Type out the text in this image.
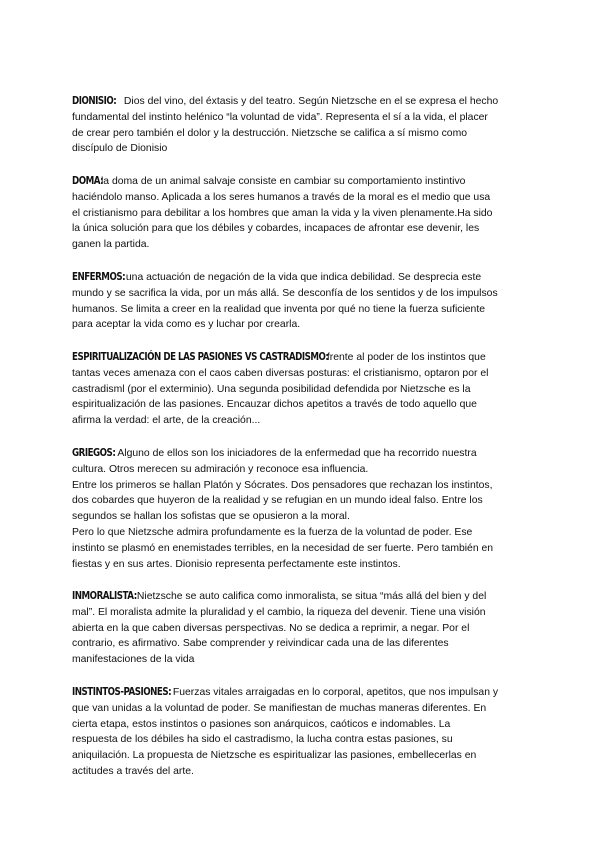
DIONISIO: Dios del vino, del éxtasis y del teatro. Según Nietzsche en el se expresa el hecho
fundamental del instinto helénico “la voluntad de vida”. Representa el sí a la vida, el placer
de crear pero también el dolor y la destrucción. Nietzsche se califica a sí mismo como
discípulo de Dionisio
DOMA:la doma de un animal salvaje consiste en cambiar su comportamiento instintivo
haciéndolo manso. Aplicada a los seres humanos a través de la moral es el medio que usa
el cristianismo para debilitar a los hombres que aman la vida y la viven plenamente.Ha sido
la única solución para que los débiles y cobardes, incapaces de afrontar ese devenir, les
ganen la partida.
ENFERMOS: una actuación de negación de la vida que indica debilidad. Se desprecia este
mundo y se sacrifica la vida, por un más allá. Se desconfía de los sentidos y de los impulsos
humanos. Se limita a creer en la realidad que inventa por qué no tiene la fuerza suficiente
para aceptar la vida como es y luchar por crearla.
ESPIRITUALIZACIÓN DE LAS PASIONES VS CASTRADISMO: frente al poder de los instintos que
tantas veces amenaza con el caos caben diversas posturas: el cristianismo, optaron por el
castradisml (por el exterminio). Una segunda posibilidad defendida por Nietzsche es la
espiritualización de las pasiones. Encauzar dichos apetitos a través de todo aquello que
afirma la verdad: el arte, de la creación...
GRIEGOS: Alguno de ellos son los iniciadores de la enfermedad que ha recorrido nuestra
cultura. Otros merecen su admiración y reconoce esa influencia.
Entre los primeros se hallan Platón y Sócrates. Dos pensadores que rechazan los instintos,
dos cobardes que huyeron de la realidad y se refugian en un mundo ideal falso. Entre los
segundos se hallan los sofistas que se opusieron a la moral.
Pero lo que Nietzsche admira profundamente es la fuerza de la voluntad de poder. Ese
instinto se plasmó en enemistades terribles, en la necesidad de ser fuerte. Pero también en
fiestas y en sus artes. Dionisio representa perfectamente este instintos.
INMORALISTA: Nietzsche se auto califica como inmoralista, se situa “más allá del bien y del
mal”. El moralista admite la pluralidad y el cambio, la riqueza del devenir. Tiene una visión
abierta en la que caben diversas perspectivas. No se dedica a reprimir, a negar. Por el
contrario, es afirmativo. Sabe comprender y reivindicar cada una de las diferentes
manifestaciones de la vida
INSTINTOS-PASIONES: Fuerzas vitales arraigadas en lo corporal, apetitos, que nos impulsan y
que van unidas a la voluntad de poder. Se manifiestan de muchas maneras diferentes. En
cierta etapa, estos instintos o pasiones son anárquicos, caóticos e indomables. La
respuesta de los débiles ha sido el castradismo, la lucha contra estas pasiones, su
aniquilación. La propuesta de Nietzsche es espiritualizar las pasiones, embellecerlas en
actitudes a través del arte.
